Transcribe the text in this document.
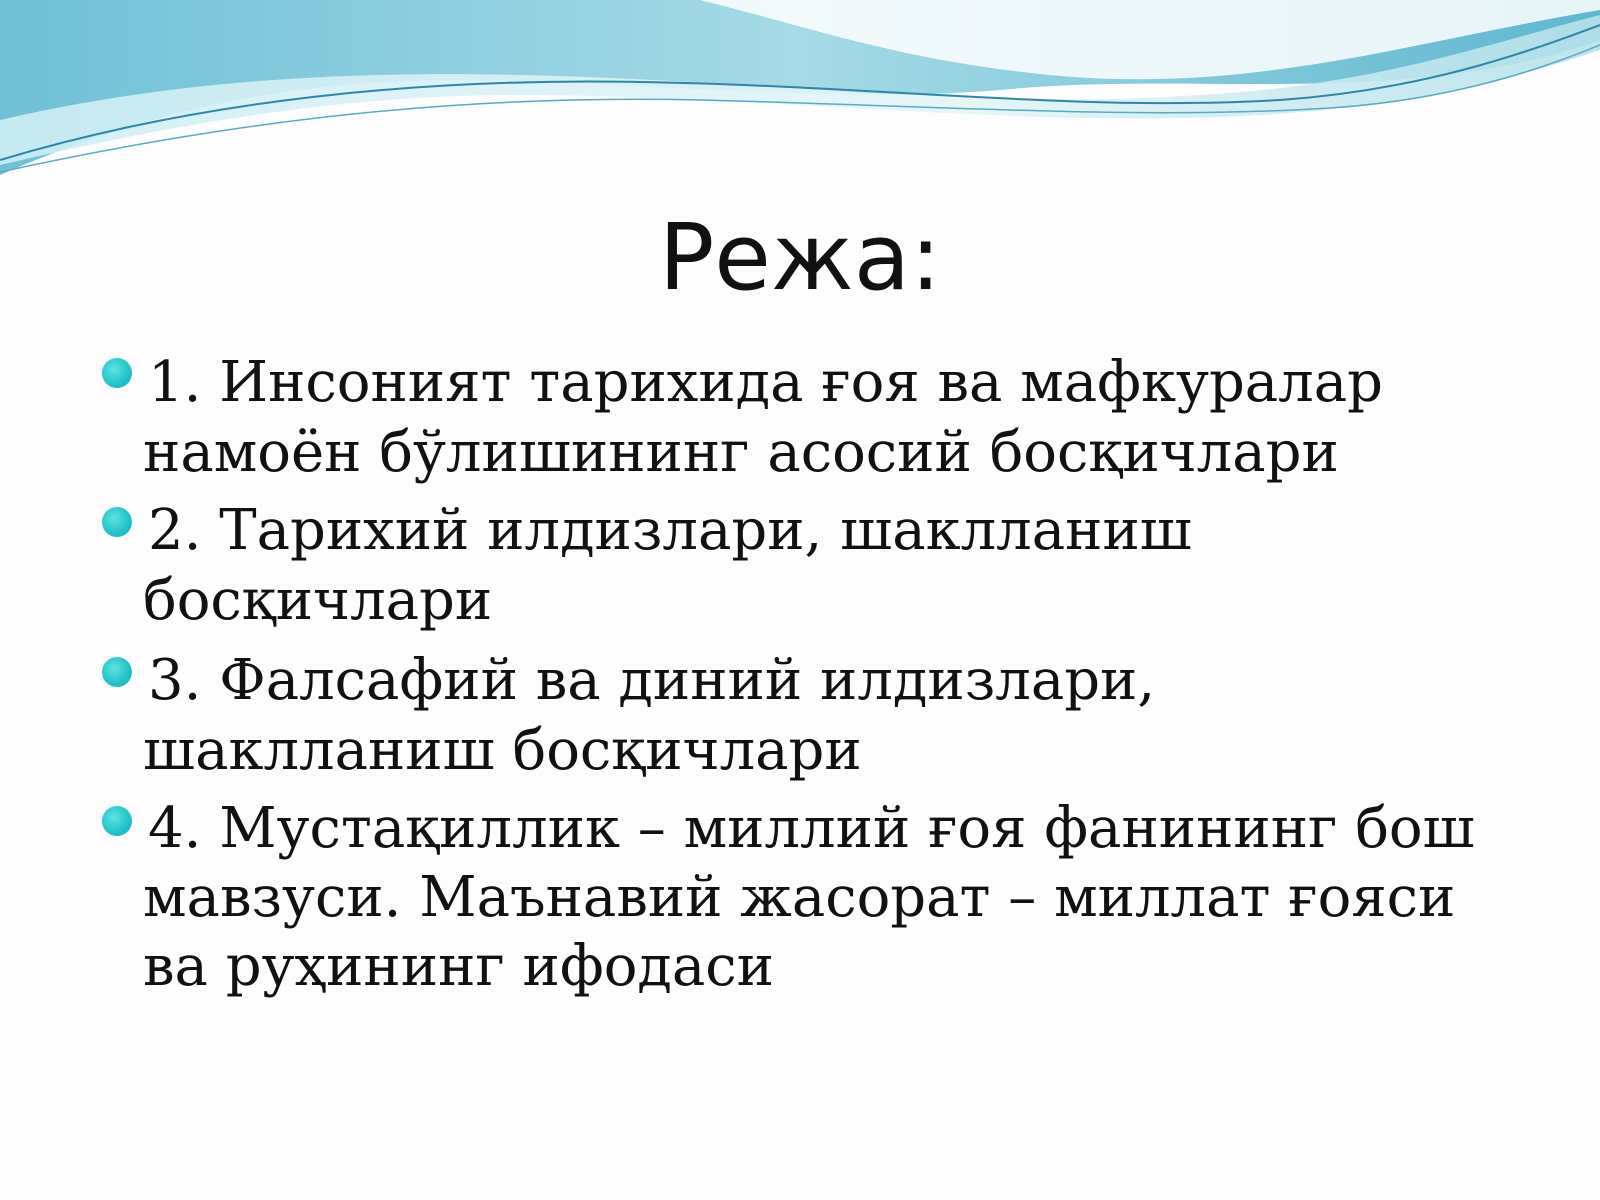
Режа:
1. Инсоният тарихида ғоя ва мафкуралар
намоён бўлишининг асосий босқичлари
2. Тарихий илдизлари, шаклланиш
босқичлари
3. Фалсафий ва диний илдизлари,
шаклланиш босқичлари
4. Мустақиллик – миллий ғоя фанининг бош
мавзуси. Маънавий жасорат – миллат ғояси
ва руҳининг ифодаси
